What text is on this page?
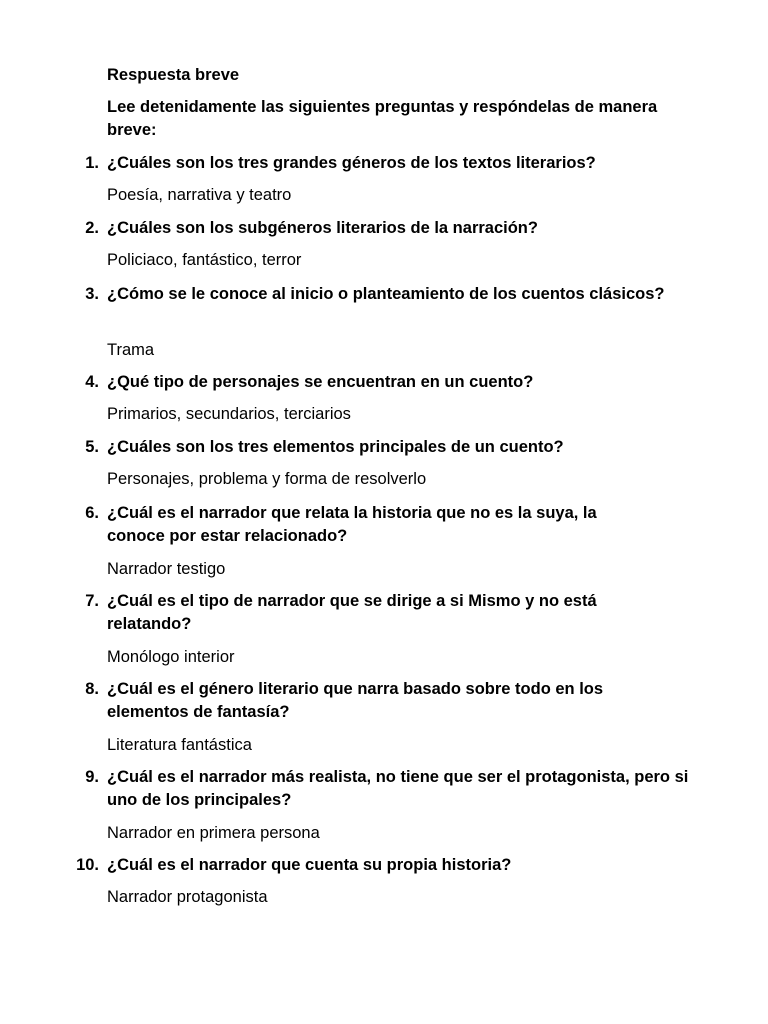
Respuesta breve
Lee detenidamente las siguientes preguntas y respóndelas de manera breve:
1. ¿Cuáles son los tres grandes géneros de los textos literarios?
Poesía, narrativa y teatro
2. ¿Cuáles son los subgéneros literarios de la narración?
Policiaco, fantástico, terror
3. ¿Cómo se le conoce al inicio o planteamiento de los cuentos clásicos?
Trama
4. ¿Qué tipo de personajes se encuentran en un cuento?
Primarios, secundarios, terciarios
5. ¿Cuáles son los tres elementos principales de un cuento?
Personajes, problema y forma de resolverlo
6. ¿Cuál es el narrador que relata la historia que no es la suya, la conoce por estar relacionado?
Narrador testigo
7. ¿Cuál es el tipo de narrador que se dirige a si Mismo y no está relatando?
Monólogo interior
8. ¿Cuál es el género literario que narra basado sobre todo en los elementos de fantasía?
Literatura fantástica
9. ¿Cuál es el narrador más realista, no tiene que ser el protagonista, pero si uno de los principales?
Narrador en primera persona
10. ¿Cuál es el narrador que cuenta su propia historia?
Narrador protagonista
